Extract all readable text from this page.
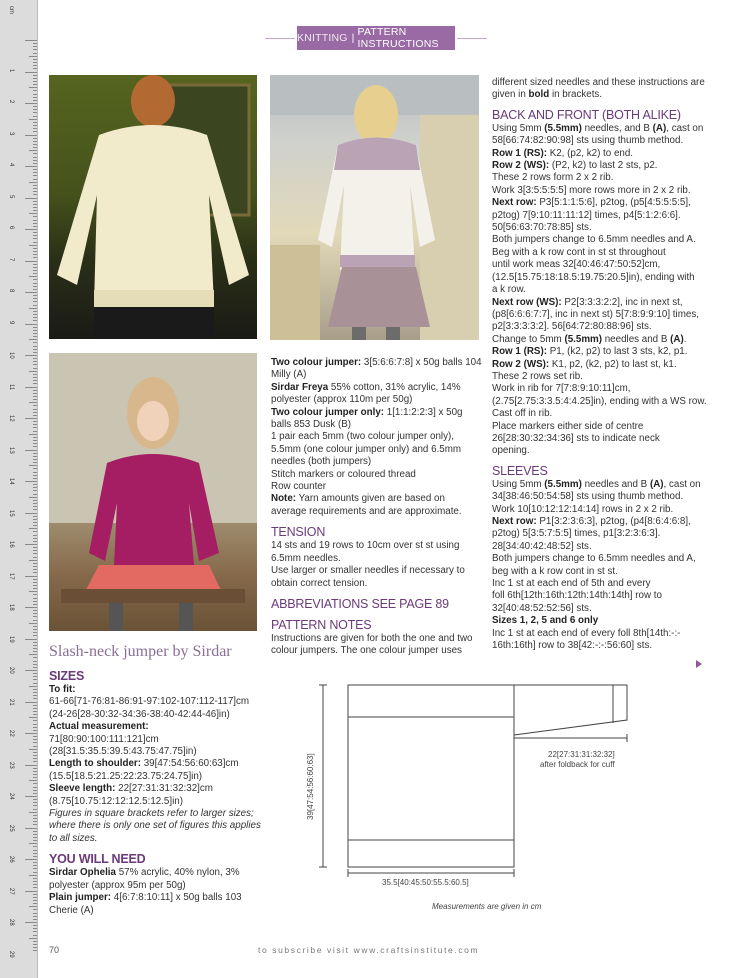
cm
1
2
3
4
5
6
7
8
9
10
11
12
13
14
15
16
17
18
19
20
21
22
23
24
25
26
27
28
29
KNITTING | PATTERN INSTRUCTIONS
Slash-neck jumper by Sirdar

SIZES

To fit:

61-66[71-76:81-86:91-97:102-107:112-117]cm

(24-26[28-30:32-34:36-38:40-42:44-46]in)

Actual measurement: 71[80:90:100:111:121]cm

(28[31.5:35.5:39.5:43.75:47.75]in)

Length to shoulder: 39[47:54:56:60:63]cm

(15.5[18.5:21.25:22:23.75:24.75]in)

Sleeve length: 22[27:31:31:32:32]cm

(8.75[10.75:12:12:12.5:12.5]in)

Figures in square brackets refer to larger sizes; where there is only one set of figures this applies to all sizes.

YOU WILL NEED

Sirdar Ophelia 57% acrylic, 40% nylon, 3% polyester (approx 95m per 50g)

Plain jumper: 4[6:7:8:10:11] x 50g balls 103 Cherie (A)

Two colour jumper: 3[5:6:6:7:8] x 50g balls 104 Milly (A)

Sirdar Freya 55% cotton, 31% acrylic, 14% polyester (approx 110m per 50g)

Two colour jumper only: 1[1:1:2:2:3] x 50g balls 853 Dusk (B)

1 pair each 5mm (two colour jumper only), 5.5mm (one colour jumper only) and 6.5mm needles (both jumpers)

Stitch markers or coloured thread

Row counter

Note: Yarn amounts given are based on average requirements and are approximate.

TENSION

14 sts and 19 rows to 10cm over st st using 6.5mm needles.

Use larger or smaller needles if necessary to obtain correct tension.

ABBREVIATIONS SEE PAGE 89

PATTERN NOTES

Instructions are given for both the one and two colour jumpers. The one colour jumper uses

different sized needles and these instructions are given in bold in brackets.

BACK AND FRONT (BOTH ALIKE)

Using 5mm (5.5mm) needles, and B (A), cast on

58[66:74:82:90:98] sts using thumb method.

Row 1 (RS): K2, (p2, k2) to end.

Row 2 (WS): (P2, k2) to last 2 sts, p2.

These 2 rows form 2 x 2 rib.

Work 3[3:5:5:5:5] more rows more in 2 x 2 rib.

Next row: P3[5:1:1:5:6], p2tog, (p5[4:5:5:5:5],

p2tog) 7[9:10:11:11:12] times, p4[5:1:2:6:6].

50[56:63:70:78:85] sts.

Both jumpers change to 6.5mm needles and A.

Beg with a k row cont in st st throughout

until work meas 32[40:46:47:50:52]cm,

(12.5[15.75:18:18.5:19.75:20.5]in), ending with

a k row.

Next row (WS): P2[3:3:3:2:2], inc in next st,

(p8[6:6:6:7:7], inc in next st) 5[7:8:9:9:10] times,

p2[3:3:3:3:2]. 56[64:72:80:88:96] sts.

Change to 5mm (5.5mm) needles and B (A).

Row 1 (RS): P1, (k2, p2) to last 3 sts, k2, p1.

Row 2 (WS): K1, p2, (k2, p2) to last st, k1.

These 2 rows set rib.

Work in rib for 7[7:8:9:10:11]cm,

(2.75[2.75:3:3.5:4:4.25]in), ending with a WS row.

Cast off in rib.

Place markers either side of centre

26[28:30:32:34:36] sts to indicate neck

opening.

SLEEVES

Using 5mm (5.5mm) needles and B (A), cast on

34[38:46:50:54:58] sts using thumb method.

Work 10[10:12:12:14:14] rows in 2 x 2 rib.

Next row: P1[3:2:3:6:3], p2tog, (p4[8:6:4:6:8],

p2tog) 5[3:5:7:5:5] times, p1[3:2:3:6:3].

28[34:40:42:48:52] sts.

Both jumpers change to 6.5mm needles and A,

beg with a k row cont in st st.

Inc 1 st at each end of 5th and every

foll 6th[12th:16th:12th:14th:14th] row to

32[40:48:52:52:56] sts.

Sizes 1, 2, 5 and 6 only

Inc 1 st at each end of every foll 8th[14th:-:-

16th:16th] row to 38[42:-:-:56:60] sts.

39[47:54:56:60:63]
35.5[40:45:50:55.5:60.5]
22[27:31:31:32:32]
after foldback for cuff
Measurements are given in cm
70	to subscribe visit www.craftsinstitute.com
